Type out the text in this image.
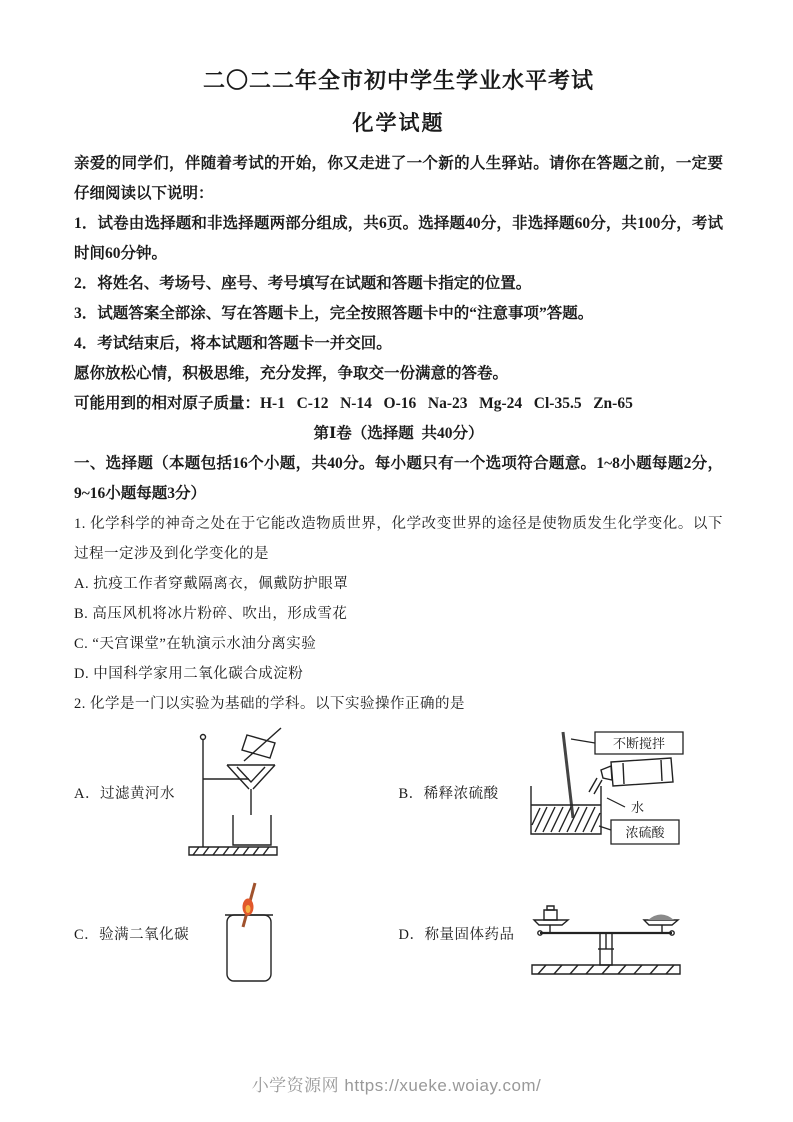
二〇二二年全市初中学生学业水平考试
化学试题

亲爱的同学们，伴随着考试的开始，你又走进了一个新的人生驿站。请你在答题之前，一定要仔细阅读以下说明：

1．试卷由选择题和非选择题两部分组成，共6页。选择题40分，非选择题60分，共100分，考试时间60分钟。

2．将姓名、考场号、座号、考号填写在试题和答题卡指定的位置。

3．试题答案全部涂、写在答题卡上，完全按照答题卡中的“注意事项”答题。

4．考试结束后，将本试题和答题卡一并交回。

愿你放松心情，积极思维，充分发挥，争取交一份满意的答卷。

可能用到的相对原子质量：H-1   C-12   N-14   O-16   Na-23   Mg-24   Cl-35.5   Zn-65

第Ⅰ卷（选择题  共40分）

一、选择题（本题包括16个小题，共40分。每小题只有一个选项符合题意。1~8小题每题2分，9~16小题每题3分）

1. 化学科学的神奇之处在于它能改造物质世界，化学改变世界的途径是使物质发生化学变化。以下过程一定涉及到化学变化的是

A. 抗疫工作者穿戴隔离衣，佩戴防护眼罩

B. 高压风机将冰片粉碎、吹出，形成雪花

C. “天宫课堂”在轨演示水油分离实验

D. 中国科学家用二氧化碳合成淀粉

2. 化学是一门以实验为基础的学科。以下实验操作正确的是

A．过滤黄河水	B．稀释浓硫酸
不断搅拌
水
浓硫酸
C．验满二氧化碳	D．称量固体药品
小学资源网 https://xueke.woiay.com/
